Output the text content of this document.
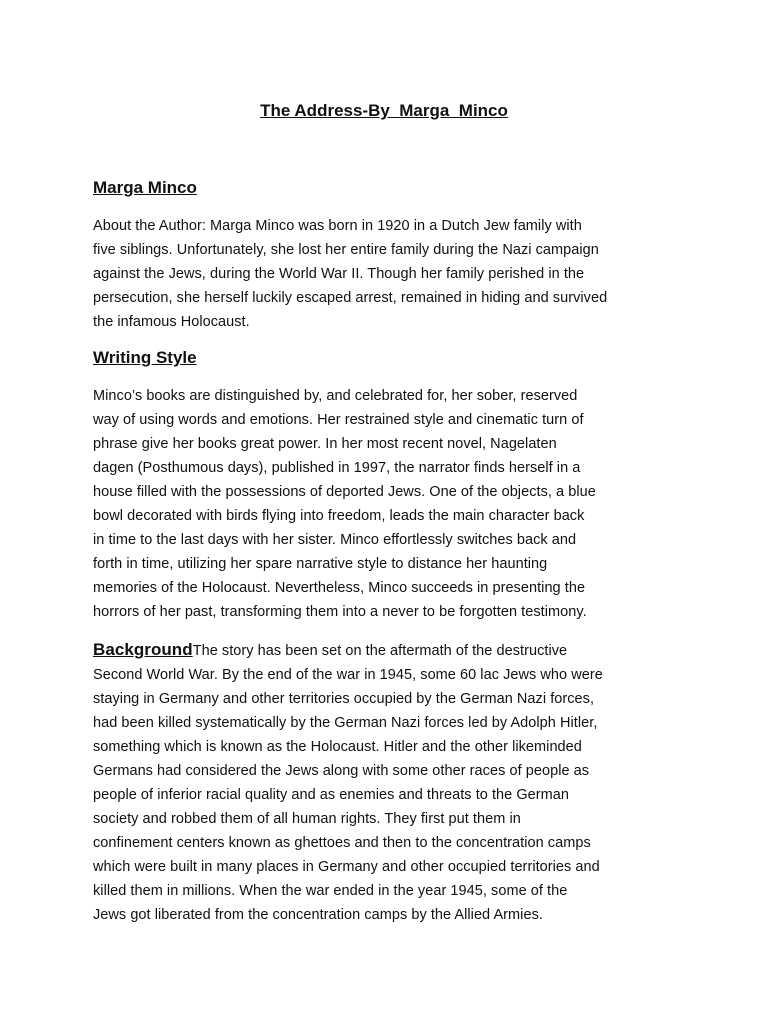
The Address-By  Marga  Minco
Marga Minco

About the Author: Marga Minco was born in 1920 in a Dutch Jew family with
five siblings. Unfortunately, she lost her entire family during the Nazi campaign
against the Jews, during the World War II. Though her family perished in the
persecution, she herself luckily escaped arrest, remained in hiding and survived
the infamous Holocaust.

Writing Style

Minco’s books are distinguished by, and celebrated for, her sober, reserved
way of using words and emotions. Her restrained style and cinematic turn of
phrase give her books great power. In her most recent novel, Nagelaten
dagen (Posthumous days), published in 1997, the narrator finds herself in a
house filled with the possessions of deported Jews. One of the objects, a blue
bowl decorated with birds flying into freedom, leads the main character back
in time to the last days with her sister. Minco effortlessly switches back and
forth in time, utilizing her spare narrative style to distance her haunting
memories of the Holocaust. Nevertheless, Minco succeeds in presenting the
horrors of her past, transforming them into a never to be forgotten testimony.

BackgroundThe story has been set on the aftermath of the destructive
Second World War. By the end of the war in 1945, some 60 lac Jews who were
staying in Germany and other territories occupied by the German Nazi forces,
had been killed systematically by the German Nazi forces led by Adolph Hitler,
something which is known as the Holocaust. Hitler and the other likeminded
Germans had considered the Jews along with some other races of people as
people of inferior racial quality and as enemies and threats to the German
society and robbed them of all human rights. They first put them in
confinement centers known as ghettoes and then to the concentration camps
which were built in many places in Germany and other occupied territories and
killed them in millions. When the war ended in the year 1945, some of the
Jews got liberated from the concentration camps by the Allied Armies.
